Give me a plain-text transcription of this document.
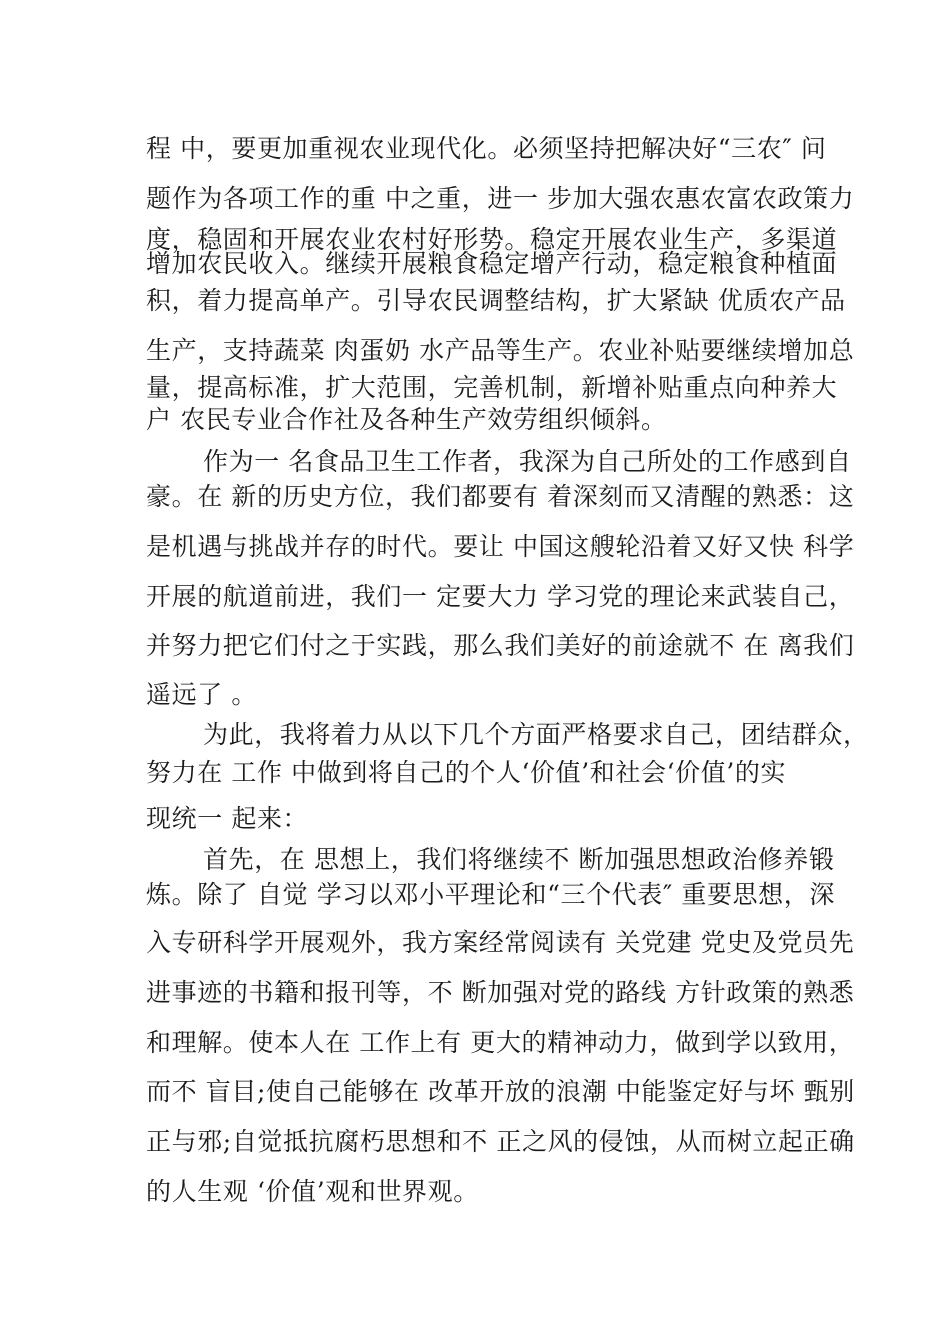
程 中，要更加重视农业现代化。必须坚持把解决好“三农″ 问
题作为各项工作的重 中之重，进一 步加大强农惠农富农政策力
度，稳固和开展农业农村好形势。稳定开展农业生产，多渠道
增加农民收入。继续开展粮食稳定增产行动，稳定粮食种植面
积，着力提高单产。引导农民调整结构，扩大紧缺 优质农产品
生产，支持蔬菜 肉蛋奶 水产品等生产。农业补贴要继续增加总
量，提高标准，扩大范围，完善机制，新增补贴重点向种养大
户 农民专业合作社及各种生产效劳组织倾斜。
作为一 名食品卫生工作者，我深为自己所处的工作感到自
豪。在 新的历史方位，我们都要有 着深刻而又清醒的熟悉：这
是机遇与挑战并存的时代。要让 中国这艘轮沿着又好又快 科学
开展的航道前进，我们一 定要大力 学习党的理论来武装自己，
并努力把它们付之于实践，那么我们美好的前途就不 在 离我们
遥远了 。
为此，我将着力从以下几个方面严格要求自己，团结群众，
努力在 工作 中做到将自己的个人‘价值’和社会‘价值’的实
现统一 起来：
首先，在 思想上，我们将继续不 断加强思想政治修养锻
炼。除了 自觉 学习以邓小平理论和“三个代表″ 重要思想，深
入专研科学开展观外，我方案经常阅读有 关党建 党史及党员先
进事迹的书籍和报刊等，不 断加强对党的路线 方针政策的熟悉
和理解。使本人在 工作上有 更大的精神动力，做到学以致用，
而不 盲目;使自己能够在 改革开放的浪潮 中能鉴定好与坏 甄别
正与邪;自觉抵抗腐朽思想和不 正之风的侵蚀，从而树立起正确
的人生观 ‘价值’观和世界观。
